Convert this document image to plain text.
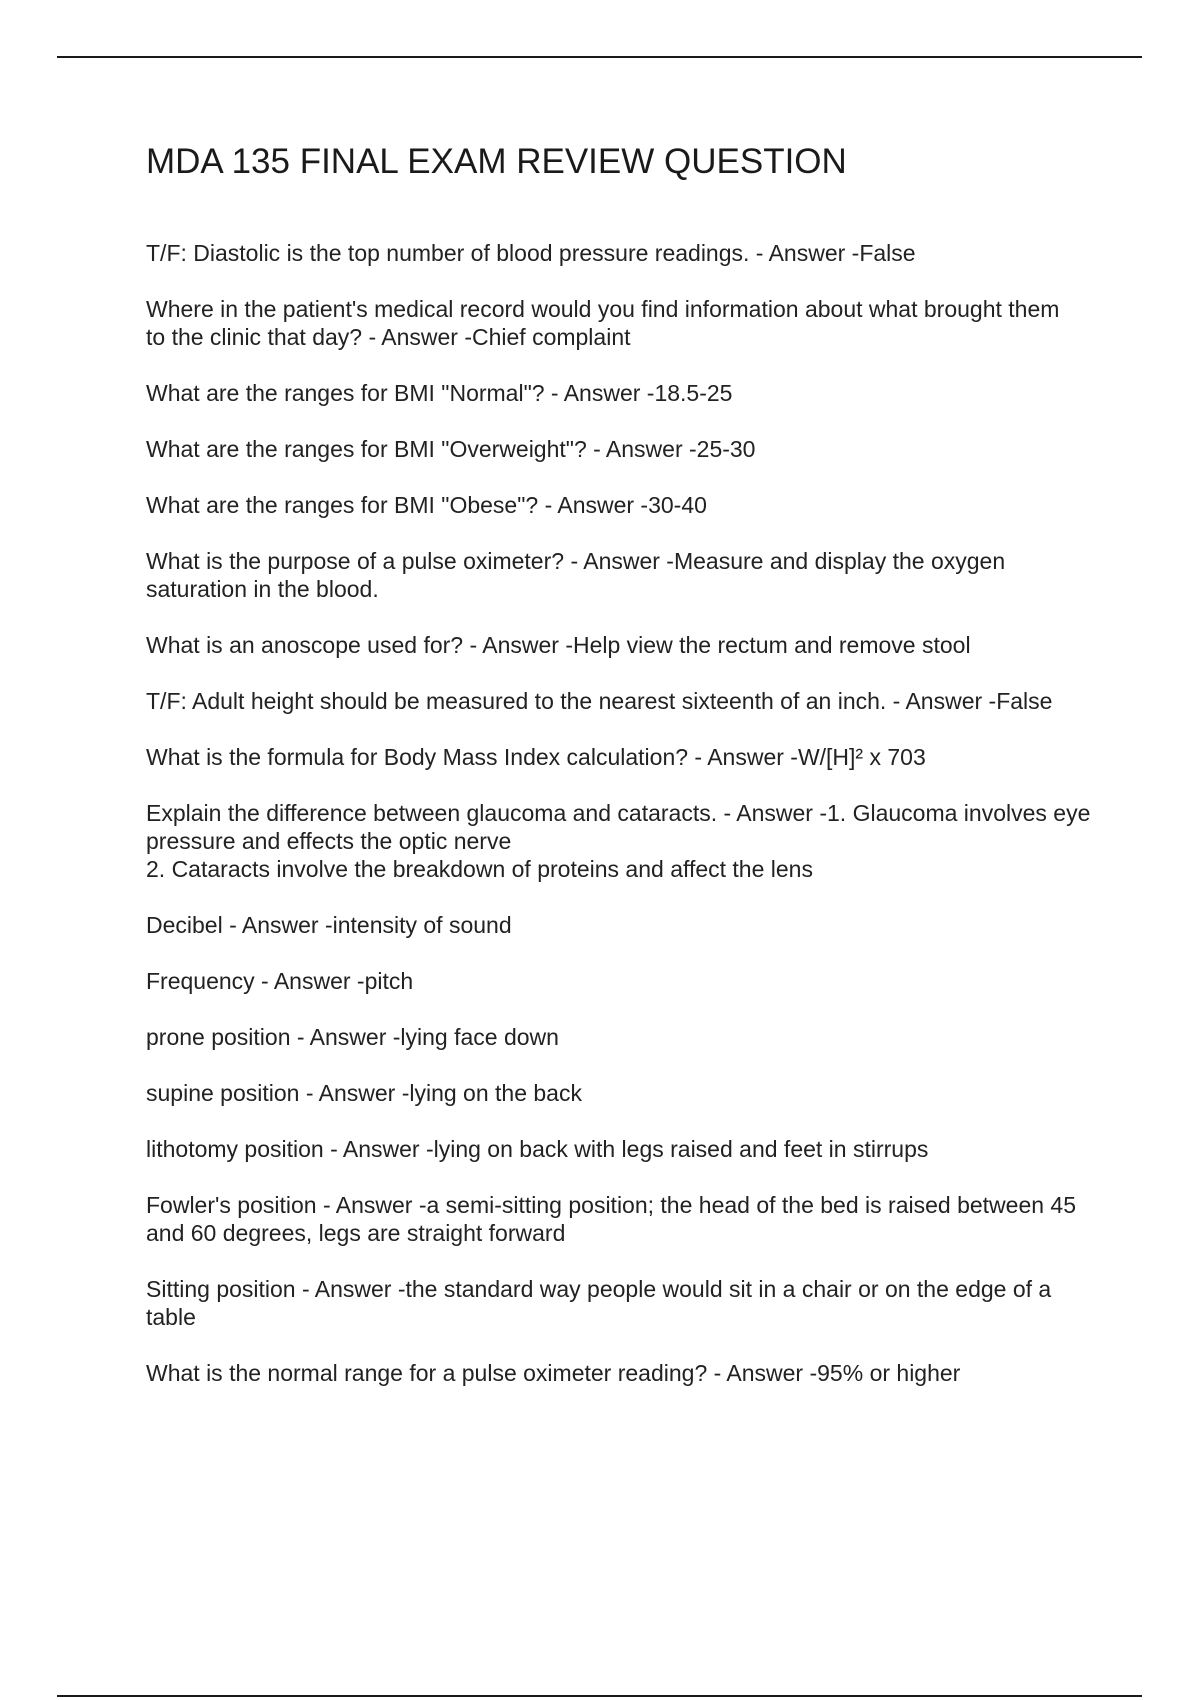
MDA 135 FINAL EXAM REVIEW QUESTION
T/F: Diastolic is the top number of blood pressure readings. - Answer -False
Where in the patient's medical record would you find information about what brought them
to the clinic that day? - Answer -Chief complaint
What are the ranges for BMI "Normal"? - Answer -18.5-25
What are the ranges for BMI "Overweight"? - Answer -25-30
What are the ranges for BMI "Obese"? - Answer -30-40
What is the purpose of a pulse oximeter? - Answer -Measure and display the oxygen saturation in the blood.
What is an anoscope used for? - Answer -Help view the rectum and remove stool
T/F: Adult height should be measured to the nearest sixteenth of an inch. - Answer -False
What is the formula for Body Mass Index calculation? - Answer -W/[H]² x 703
Explain the difference between glaucoma and cataracts. - Answer -1. Glaucoma involves eye pressure and effects the optic nerve
2. Cataracts involve the breakdown of proteins and affect the lens
Decibel - Answer -intensity of sound
Frequency - Answer -pitch
prone position - Answer -lying face down
supine position - Answer -lying on the back
lithotomy position - Answer -lying on back with legs raised and feet in stirrups
Fowler's position - Answer -a semi-sitting position; the head of the bed is raised between 45 and 60 degrees, legs are straight forward
Sitting position - Answer -the standard way people would sit in a chair or on the edge of a table
What is the normal range for a pulse oximeter reading? - Answer -95% or higher
